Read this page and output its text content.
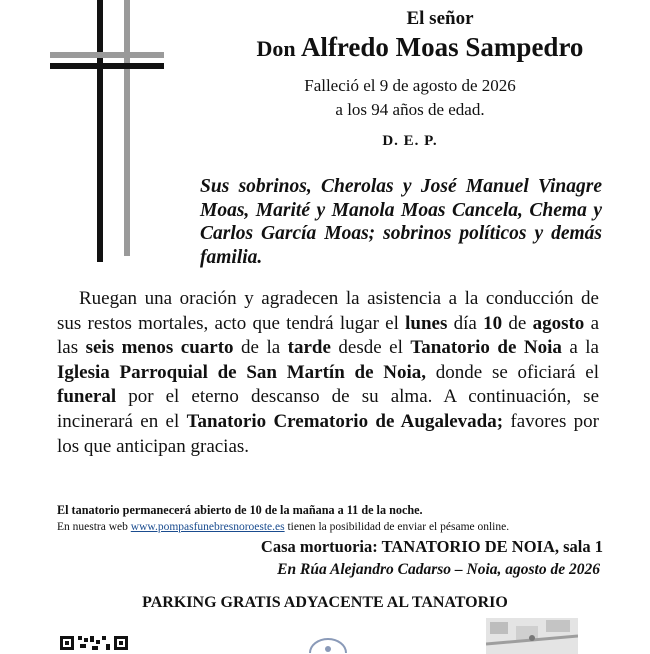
El señor
Don Alfredo Moas Sampedro
Falleció el 9 de agosto de 2026
a los 94 años de edad.
D. E. P.
Sus sobrinos, Cherolas y José Manuel Vinagre Moas, Marité y Manola Moas Cancela, Chema y Carlos García Moas; sobrinos políticos y demás familia.
Ruegan una oración y agradecen la asistencia a la conducción de sus restos mortales, acto que tendrá lugar el lunes día 10 de agosto a las seis menos cuarto de la tarde desde el Tanatorio de Noia a la Iglesia Parroquial de San Martín de Noia, donde se oficiará el funeral por el eterno descanso de su alma. A continuación, se incinerará en el Tanatorio Crematorio de Augalevada; favores por los que anticipan gracias.
El tanatorio permanecerá abierto de 10 de la mañana a 11 de la noche.
En nuestra web www.pompasfunebresnoroeste.es tienen la posibilidad de enviar el pésame online.
Casa mortuoria: TANATORIO DE NOIA, sala 1
En Rúa Alejandro Cadarso – Noia, agosto de 2026
PARKING GRATIS ADYACENTE AL TANATORIO
